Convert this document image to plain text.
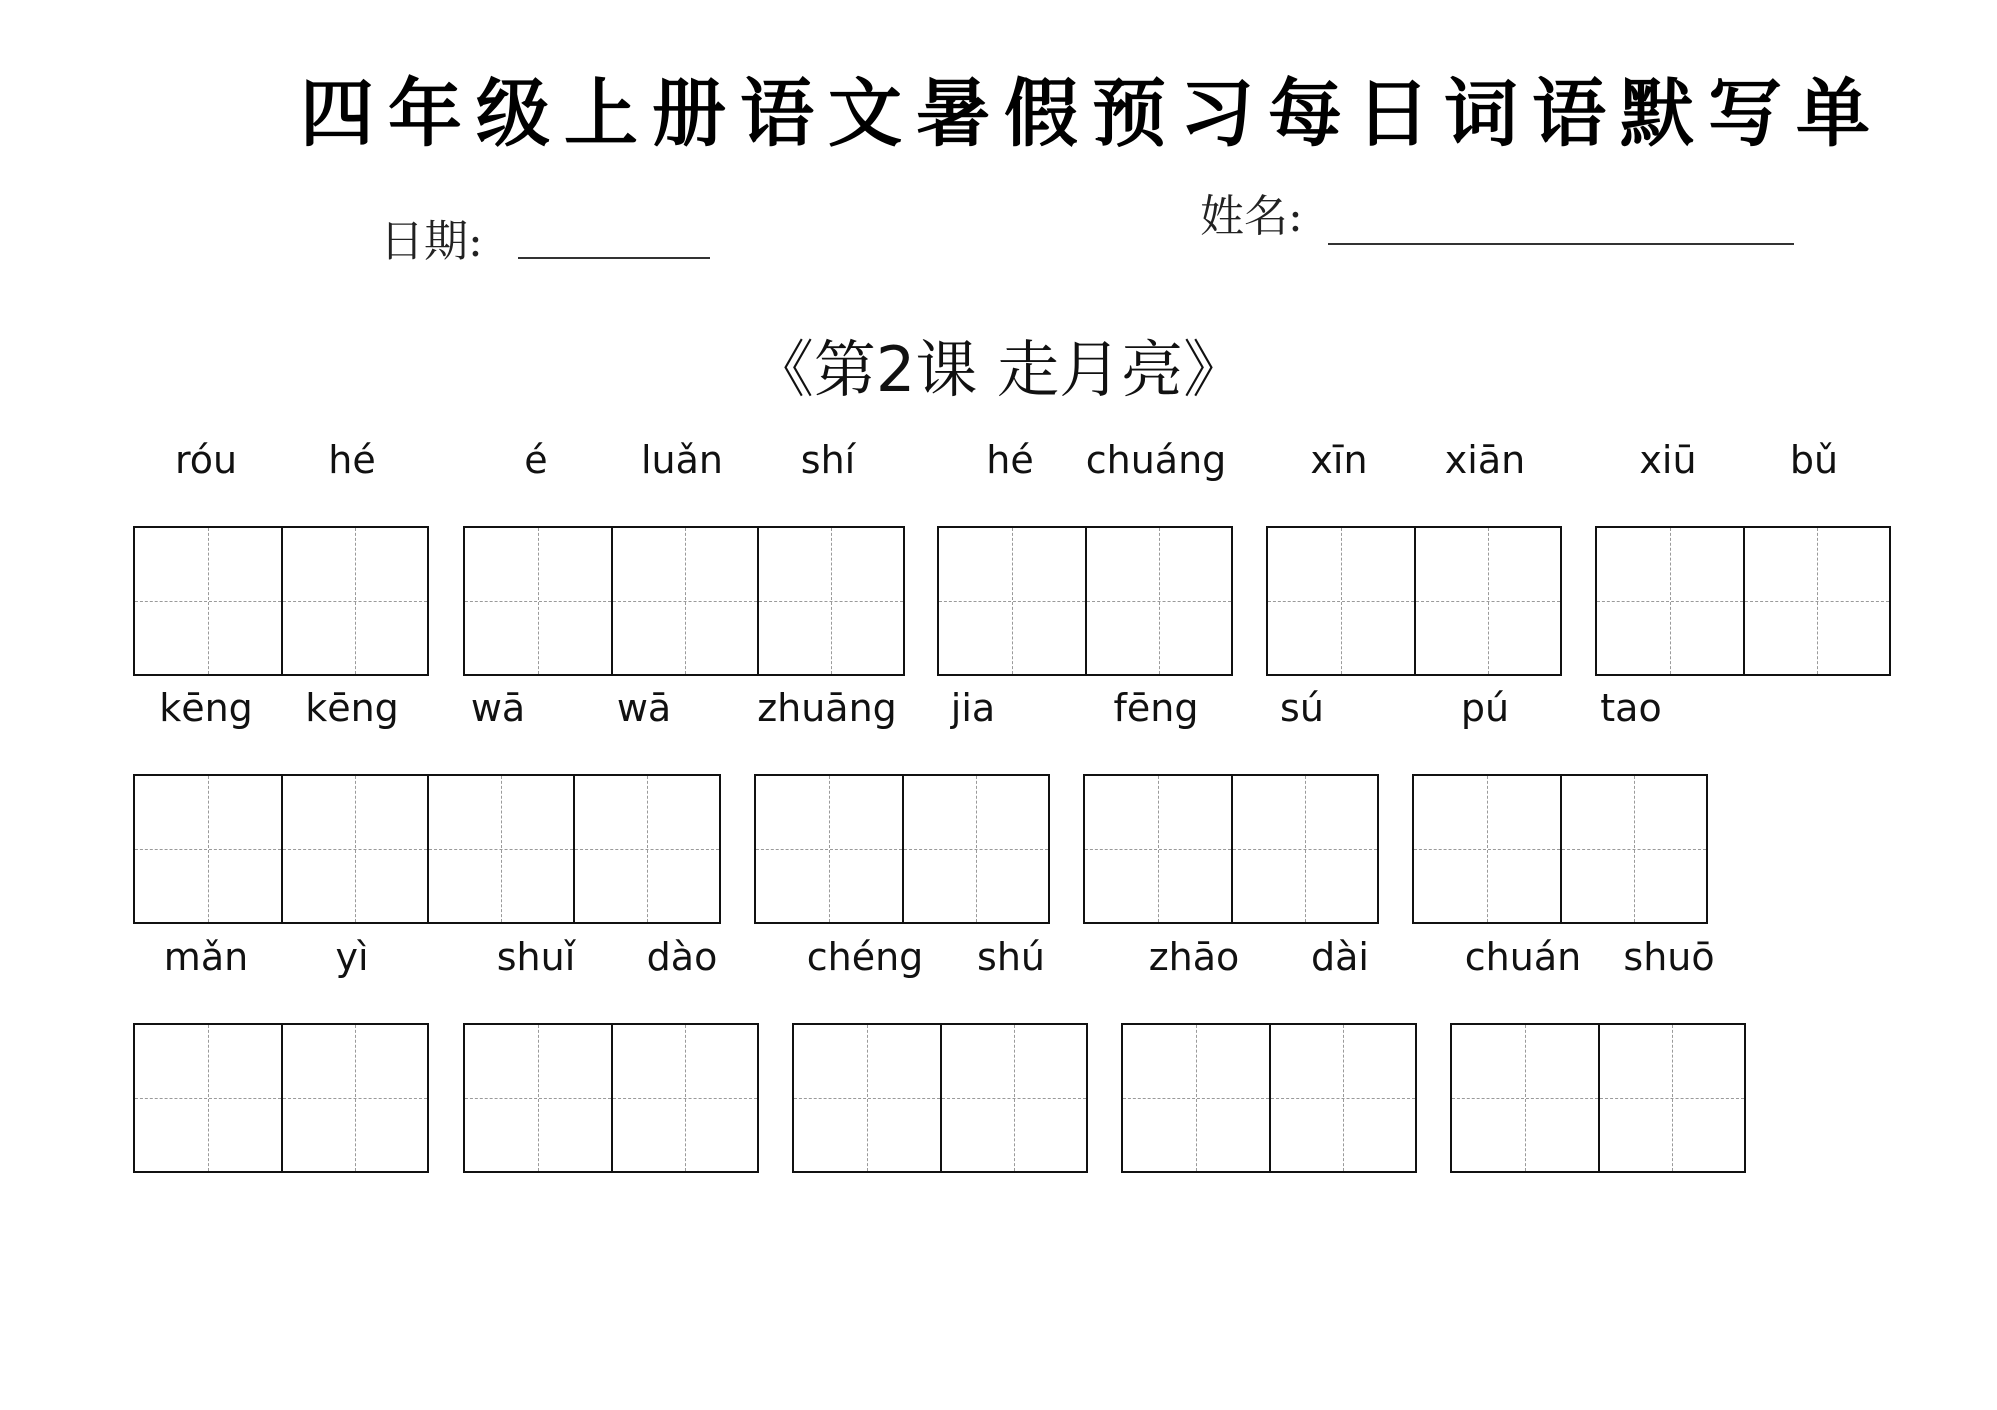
四年级上册语文暑假预习每日词语默写单
日期:	姓名:
《第2课 走月亮》
róu	hé	é	luǎn	shí	hé	chuáng	xīn	xiān	xiū	bǔ
kēng	kēng	wā	wā	zhuāng	jia	fēng	sú	pú	tao
mǎn	yì	shuǐ	dào	chéng	shú	zhāo	dài	chuán	shuō
